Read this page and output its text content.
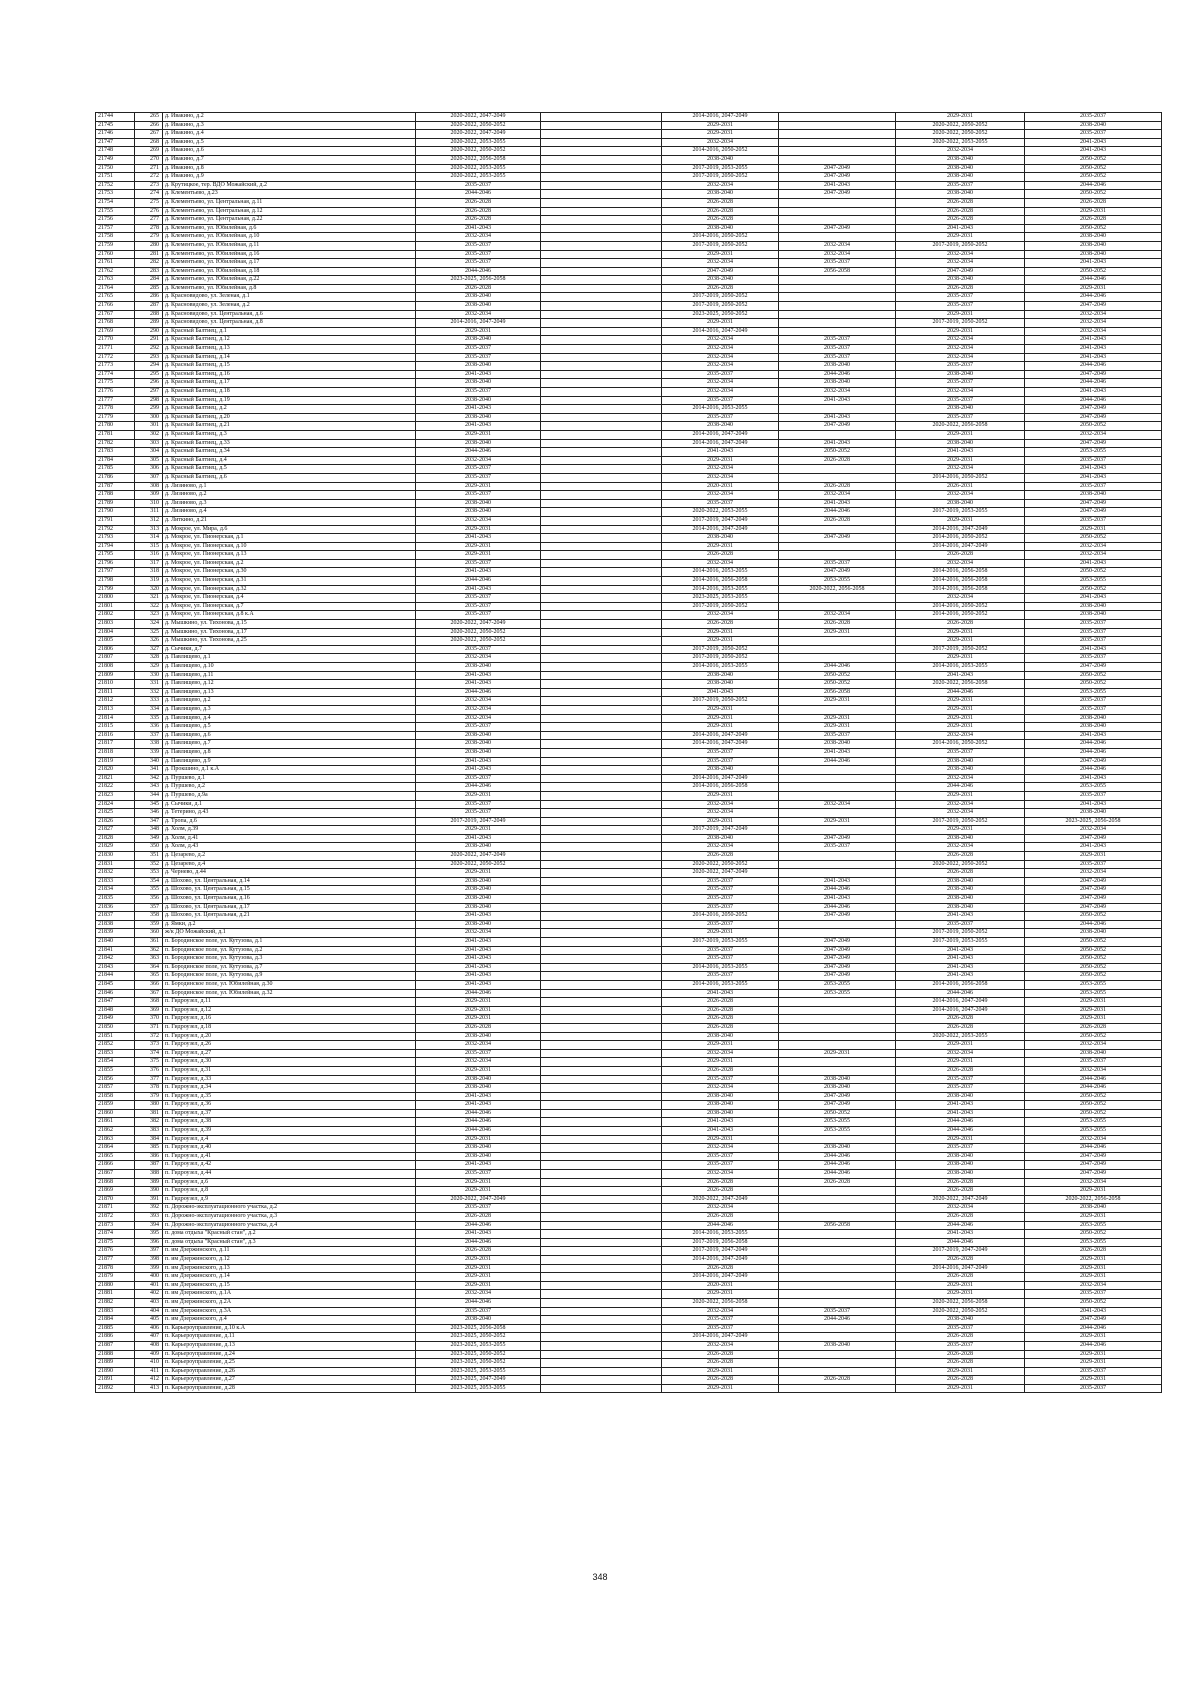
21744	265	д. Ивакино, д.2	2020-2022, 2047-2049		2014-2016, 2047-2049		2029-2031	2035-2037
21745	266	д. Ивакино, д.3	2020-2022, 2050-2052		2029-2031		2020-2022, 2050-2052	2038-2040
21746	267	д. Ивакино, д.4	2020-2022, 2047-2049		2029-2031		2020-2022, 2050-2052	2035-2037
21747	268	д. Ивакино, д.5	2020-2022, 2053-2055		2032-2034		2020-2022, 2053-2055	2041-2043
21748	269	д. Ивакино, д.6	2020-2022, 2050-2052		2014-2016, 2050-2052		2032-2034	2041-2043
21749	270	д. Ивакино, д.7	2020-2022, 2056-2058		2038-2040		2038-2040	2050-2052
21750	271	д. Ивакино, д.8	2020-2022, 2053-2055		2017-2019, 2053-2055	2047-2049	2038-2040	2050-2052
21751	272	д. Ивакино, д.9	2020-2022, 2053-2055		2017-2019, 2050-2052	2047-2049	2038-2040	2050-2052
21752	273	д. Крутицкое, тер. ВДО Можайский, д.2	2035-2037		2032-2034	2041-2043	2035-2037	2044-2046
21753	274	д. Клементьево, д.23	2044-2046		2038-2040	2047-2049	2038-2040	2050-2052
21754	275	д. Клементьево, ул. Центральная, д.11	2026-2028		2026-2028		2026-2028	2026-2028
21755	276	д. Клементьево, ул. Центральная, д.12	2026-2028		2026-2028		2026-2028	2029-2031
21756	277	д. Клементьево, ул. Центральная, д.22	2026-2028		2026-2028		2026-2028	2026-2028
21757	278	д. Клементьево, ул. Юбилейная, д.6	2041-2043		2038-2040	2047-2049	2041-2043	2050-2052
21758	279	д. Клементьево, ул. Юбилейная, д.10	2032-2034		2014-2016, 2050-2052		2029-2031	2038-2040
21759	280	д. Клементьево, ул. Юбилейная, д.11	2035-2037		2017-2019, 2050-2052	2032-2034	2017-2019, 2050-2052	2038-2040
21760	281	д. Клементьево, ул. Юбилейная, д.16	2035-2037		2029-2031	2032-2034	2032-2034	2038-2040
21761	282	д. Клементьево, ул. Юбилейная, д.17	2035-2037		2032-2034	2035-2037	2032-2034	2041-2043
21762	283	д. Клементьево, ул. Юбилейная, д.18	2044-2046		2047-2049	2056-2058	2047-2049	2050-2052
21763	284	д. Клементьево, ул. Юбилейная, д.22	2023-2025, 2056-2058		2038-2040		2038-2040	2044-2046
21764	285	д. Клементьево, ул. Юбилейная, д.8	2026-2028		2026-2028		2026-2028	2029-2031
21765	286	д. Красновидово, ул. Зеленая, д.1	2038-2040		2017-2019, 2050-2052		2035-2037	2044-2046
21766	287	д. Красновидово, ул. Зеленая, д.2	2038-2040		2017-2019, 2050-2052		2035-2037	2047-2049
21767	288	д. Красновидово, ул. Центральная, д.6	2032-2034		2023-2025, 2050-2052		2029-2031	2032-2034
21768	289	д. Красновидово, ул. Центральная, д.8	2014-2016, 2047-2049		2029-2031		2017-2019, 2050-2052	2032-2034
21769	290	д. Красный Балтиец, д.1	2029-2031		2014-2016, 2047-2049		2029-2031	2032-2034
21770	291	д. Красный Балтиец, д.12	2038-2040		2032-2034	2035-2037	2032-2034	2041-2043
21771	292	д. Красный Балтиец, д.13	2035-2037		2032-2034	2035-2037	2032-2034	2041-2043
21772	293	д. Красный Балтиец, д.14	2035-2037		2032-2034	2035-2037	2032-2034	2041-2043
21773	294	д. Красный Балтиец, д.15	2038-2040		2032-2034	2038-2040	2035-2037	2044-2046
21774	295	д. Красный Балтиец, д.16	2041-2043		2035-2037	2044-2046	2038-2040	2047-2049
21775	296	д. Красный Балтиец, д.17	2038-2040		2032-2034	2038-2040	2035-2037	2044-2046
21776	297	д. Красный Балтиец, д.18	2035-2037		2032-2034	2032-2034	2032-2034	2041-2043
21777	298	д. Красный Балтиец, д.19	2038-2040		2035-2037	2041-2043	2035-2037	2044-2046
21778	299	д. Красный Балтиец, д.2	2041-2043		2014-2016, 2053-2055		2038-2040	2047-2049
21779	300	д. Красный Балтиец, д.20	2038-2040		2035-2037	2041-2043	2035-2037	2047-2049
21780	301	д. Красный Балтиец, д.21	2041-2043		2038-2040	2047-2049	2020-2022, 2056-2058	2050-2052
21781	302	д. Красный Балтиец, д.3	2029-2031		2014-2016, 2047-2049		2029-2031	2032-2034
21782	303	д. Красный Балтиец, д.33	2038-2040		2014-2016, 2047-2049	2041-2043	2038-2040	2047-2049
21783	304	д. Красный Балтиец, д.34	2044-2046		2041-2043	2050-2052	2041-2043	2053-2055
21784	305	д. Красный Балтиец, д.4	2032-2034		2029-2031	2026-2028	2029-2031	2035-2037
21785	306	д. Красный Балтиец, д.5	2035-2037		2032-2034		2032-2034	2041-2043
21786	307	д. Красный Балтиец, д.6	2035-2037		2032-2034		2014-2016, 2050-2052	2041-2043
21787	308	д. Лизиново, д.1	2029-2031		2020-2031	2026-2028	2026-2031	2035-2037
21788	309	д. Лизиново, д.2	2035-2037		2032-2034	2032-2034	2032-2034	2038-2040
21789	310	д. Лизиново, д.3	2038-2040		2035-2037	2041-2043	2038-2040	2047-2049
21790	311	д. Лизиново, д.4	2038-2040		2020-2022, 2053-2055	2044-2046	2017-2019, 2053-2055	2047-2049
21791	312	д. Литкино, д.21	2032-2034		2017-2019, 2047-2049	2026-2028	2029-2031	2035-2037
21792	313	д. Мокрое, ул. Мира, д.6	2029-2031		2014-2016, 2047-2049		2014-2016, 2047-2049	2029-2031
21793	314	д. Мокрое, ул. Пионерская, д.1	2041-2043		2038-2040	2047-2049	2014-2016, 2050-2052	2050-2052
21794	315	д. Мокрое, ул. Пионерская, д.10	2029-2031		2029-2031		2014-2016, 2047-2049	2032-2034
21795	316	д. Мокрое, ул. Пионерская, д.13	2029-2031		2026-2028		2026-2028	2032-2034
21796	317	д. Мокрое, ул. Пионерская, д.2	2035-2037		2032-2034	2035-2037	2032-2034	2041-2043
21797	318	д. Мокрое, ул. Пионерская, д.30	2041-2043		2014-2016, 2053-2055	2047-2049	2014-2016, 2056-2058	2050-2052
21798	319	д. Мокрое, ул. Пионерская, д.31	2044-2046		2014-2016, 2056-2058	2053-2055	2014-2016, 2056-2058	2053-2055
21799	320	д. Мокрое, ул. Пионерская, д.32	2041-2043		2014-2016, 2053-2055	2020-2022, 2056-2058	2014-2016, 2056-2058	2050-2052
21800	321	д. Мокрое, ул. Пионерская, д.4	2035-2037		2023-2025, 2053-2055		2032-2034	2041-2043
21801	322	д. Мокрое, ул. Пионерская, д.7	2035-2037		2017-2019, 2050-2052		2014-2016, 2050-2052	2038-2040
21802	323	д. Мокрое, ул. Пионерская, д.8 к.А	2035-2037		2032-2034	2032-2034	2014-2016, 2050-2052	2038-2040
21803	324	д. Мышкино, ул. Тихонова, д.15	2020-2022, 2047-2049		2026-2028	2026-2028	2026-2028	2035-2037
21804	325	д. Мышкино, ул. Тихонова, д.17	2020-2022, 2050-2052		2029-2031	2029-2031	2029-2031	2035-2037
21805	326	д. Мышкино, ул. Тихонова, д.25	2020-2022, 2050-2052		2029-2031		2029-2031	2035-2037
21806	327	д. Сычики, д.7	2035-2037		2017-2019, 2050-2052		2017-2019, 2050-2052	2041-2043
21807	328	д. Павлищево, д.1	2032-2034		2017-2019, 2050-2052		2029-2031	2035-2037
21808	329	д. Павлищево, д.10	2038-2040		2014-2016, 2053-2055	2044-2046	2014-2016, 2053-2055	2047-2049
21809	330	д. Павлищево, д.11	2041-2043		2038-2040	2050-2052	2041-2043	2050-2052
21810	331	д. Павлищево, д.12	2041-2043		2038-2040	2050-2052	2020-2022, 2056-2058	2050-2052
21811	332	д. Павлищево, д.13	2044-2046		2041-2043	2056-2058	2044-2046	2053-2055
21812	333	д. Павлищево, д.2	2032-2034		2017-2019, 2050-2052	2029-2031	2029-2031	2035-2037
21813	334	д. Павлищево, д.3	2032-2034		2029-2031		2029-2031	2035-2037
21814	335	д. Павлищево, д.4	2032-2034		2029-2031	2029-2031	2029-2031	2038-2040
21815	336	д. Павлищево, д.5	2035-2037		2029-2031	2029-2031	2029-2031	2038-2040
21816	337	д. Павлищево, д.6	2038-2040		2014-2016, 2047-2049	2035-2037	2032-2034	2041-2043
21817	338	д. Павлищево, д.7	2038-2040		2014-2016, 2047-2049	2038-2040	2014-2016, 2050-2052	2044-2046
21818	339	д. Павлищево, д.8	2038-2040		2035-2037	2041-2043	2035-2037	2044-2046
21819	340	д. Павлищево, д.9	2041-2043		2035-2037	2044-2046	2038-2040	2047-2049
21820	341	д. Прокшино, д.1 к.А	2041-2043		2038-2040		2038-2040	2044-2046
21821	342	д. Пуршево, д.1	2035-2037		2014-2016, 2047-2049		2032-2034	2041-2043
21822	343	д. Пуршево, д.2	2044-2046		2014-2016, 2056-2058		2044-2046	2053-2055
21823	344	д. Пуршево, д.9а	2029-2031		2029-2031		2029-2031	2035-2037
21824	345	д. Сычики, д.1	2035-2037		2032-2034	2032-2034	2032-2034	2041-2043
21825	346	д. Тетерино, д.43	2035-2037		2032-2034		2032-2034	2038-2040
21826	347	д. Тропа, д.6	2017-2019, 2047-2049		2029-2031	2029-2031	2017-2019, 2050-2052	2023-2025, 2056-2058
21827	348	д. Холм, д.39	2029-2031		2017-2019, 2047-2049		2029-2031	2032-2034
21828	349	д. Холм, д.41	2041-2043		2038-2040	2047-2049	2038-2040	2047-2049
21829	350	д. Холм, д.43	2038-2040		2032-2034	2035-2037	2032-2034	2041-2043
21830	351	д. Цезарево, д.2	2020-2022, 2047-2049		2026-2028		2026-2028	2029-2031
21831	352	д. Цезарево, д.4	2020-2022, 2050-2052		2020-2022, 2050-2052		2020-2022, 2050-2052	2035-2037
21832	353	д. Чернево, д.44	2029-2031		2020-2022, 2047-2049		2026-2028	2032-2034
21833	354	д. Шохово, ул. Центральная, д.14	2038-2040		2035-2037	2041-2043	2038-2040	2047-2049
21834	355	д. Шохово, ул. Центральная, д.15	2038-2040		2035-2037	2044-2046	2038-2040	2047-2049
21835	356	д. Шохово, ул. Центральная, д.16	2038-2040		2035-2037	2041-2043	2038-2040	2047-2049
21836	357	д. Шохово, ул. Центральная, д.17	2038-2040		2035-2037	2044-2046	2038-2040	2047-2049
21837	358	д. Шохово, ул. Центральная, д.21	2041-2043		2014-2016, 2050-2052	2047-2049	2041-2043	2050-2052
21838	359	д. Ямки, д.2	2038-2040		2035-2037		2035-2037	2044-2046
21839	360	ж/к ДО Можайский, д.1	2032-2034		2029-2031		2017-2019, 2050-2052	2038-2040
21840	361	п. Бородинское поле, ул. Кутузова, д.1	2041-2043		2017-2019, 2053-2055	2047-2049	2017-2019, 2053-2055	2050-2052
21841	362	п. Бородинское поле, ул. Кутузова, д.2	2041-2043		2035-2037	2047-2049	2041-2043	2050-2052
21842	363	п. Бородинское поле, ул. Кутузова, д.3	2041-2043		2035-2037	2047-2049	2041-2043	2050-2052
21843	364	п. Бородинское поле, ул. Кутузова, д.7	2041-2043		2014-2016, 2053-2055	2047-2049	2041-2043	2050-2052
21844	365	п. Бородинское поле, ул. Кутузова, д.9	2041-2043		2035-2037	2047-2049	2041-2043	2050-2052
21845	366	п. Бородинское поле, ул. Юбилейная, д.30	2041-2043		2014-2016, 2053-2055	2053-2055	2014-2016, 2056-2058	2053-2055
21846	367	п. Бородинское поле, ул. Юбилейная, д.32	2044-2046		2041-2043	2053-2055	2044-2046	2053-2055
21847	368	п. Гидроузел, д.11	2029-2031		2026-2028		2014-2016, 2047-2049	2029-2031
21848	369	п. Гидроузел, д.12	2029-2031		2026-2028		2014-2016, 2047-2049	2029-2031
21849	370	п. Гидроузел, д.16	2029-2031		2026-2028		2026-2028	2029-2031
21850	371	п. Гидроузел, д.18	2026-2028		2026-2028		2026-2028	2026-2028
21851	372	п. Гидроузел, д.20	2038-2040		2038-2040		2020-2022, 2053-2055	2050-2052
21852	373	п. Гидроузел, д.26	2032-2034		2029-2031		2029-2031	2032-2034
21853	374	п. Гидроузел, д.27	2035-2037		2032-2034	2029-2031	2032-2034	2038-2040
21854	375	п. Гидроузел, д.30	2032-2034		2029-2031		2029-2031	2035-2037
21855	376	п. Гидроузел, д.31	2029-2031		2026-2028		2026-2028	2032-2034
21856	377	п. Гидроузел, д.33	2038-2040		2035-2037	2038-2040	2035-2037	2044-2046
21857	378	п. Гидроузел, д.34	2038-2040		2032-2034	2038-2040	2035-2037	2044-2046
21858	379	п. Гидроузел, д.35	2041-2043		2038-2040	2047-2049	2038-2040	2050-2052
21859	380	п. Гидроузел, д.36	2041-2043		2038-2040	2047-2049	2041-2043	2050-2052
21860	381	п. Гидроузел, д.37	2044-2046		2038-2040	2050-2052	2041-2043	2050-2052
21861	382	п. Гидроузел, д.38	2044-2046		2041-2043	2053-2055	2044-2046	2053-2055
21862	383	п. Гидроузел, д.39	2044-2046		2041-2043	2053-2055	2044-2046	2053-2055
21863	384	п. Гидроузел, д.4	2029-2031		2029-2031		2029-2031	2032-2034
21864	385	п. Гидроузел, д.40	2038-2040		2032-2034	2038-2040	2035-2037	2044-2046
21865	386	п. Гидроузел, д.41	2038-2040		2035-2037	2044-2046	2038-2040	2047-2049
21866	387	п. Гидроузел, д.42	2041-2043		2035-2037	2044-2046	2038-2040	2047-2049
21867	388	п. Гидроузел, д.44	2035-2037		2032-2034	2044-2046	2038-2040	2047-2049
21868	389	п. Гидроузел, д.6	2029-2031		2026-2028	2026-2028	2026-2028	2032-2034
21869	390	п. Гидроузел, д.8	2029-2031		2026-2028		2026-2028	2029-2031
21870	391	п. Гидроузел, д.9	2020-2022, 2047-2049		2020-2022, 2047-2049		2020-2022, 2047-2049	2020-2022, 2056-2058
21871	392	п. Дорожно-эксплуатационного участка, д.2	2035-2037		2032-2034		2032-2034	2038-2040
21872	393	п. Дорожно-эксплуатационного участка, д.3	2026-2028		2026-2028		2026-2028	2029-2031
21873	394	п. Дорожно-эксплуатационного участка, д.4	2044-2046		2044-2046	2056-2058	2044-2046	2053-2055
21874	395	п. дома отдыха "Красный стан", д.2	2041-2043		2014-2016, 2053-2055		2041-2043	2050-2052
21875	396	п. дома отдыха "Красный стан", д.3	2044-2046		2017-2019, 2056-2058		2044-2046	2053-2055
21876	397	п. им Дзержинского, д.11	2026-2028		2017-2019, 2047-2049		2017-2019, 2047-2049	2026-2028
21877	398	п. им Дзержинского, д.12	2029-2031		2014-2016, 2047-2049		2026-2028	2029-2031
21878	399	п. им Дзержинского, д.13	2029-2031		2026-2028		2014-2016, 2047-2049	2029-2031
21879	400	п. им Дзержинского, д.14	2029-2031		2014-2016, 2047-2049		2026-2028	2029-2031
21880	401	п. им Дзержинского, д.15	2029-2031		2020-2031		2029-2031	2032-2034
21881	402	п. им Дзержинского, д.1А	2032-2034		2029-2031		2029-2031	2035-2037
21882	403	п. им Дзержинского, д.2А	2044-2046		2020-2022, 2056-2058		2020-2022, 2056-2058	2050-2052
21883	404	п. им Дзержинского, д.3А	2035-2037		2032-2034	2035-2037	2020-2022, 2050-2052	2041-2043
21884	405	п. им Дзержинского, д.4	2038-2040		2035-2037	2044-2046	2038-2040	2047-2049
21885	406	п. Карьероуправление, д.10 к.А	2023-2025, 2056-2058		2035-2037		2035-2037	2044-2046
21886	407	п. Карьероуправление, д.11	2023-2025, 2050-2052		2014-2016, 2047-2049		2026-2028	2029-2031
21887	408	п. Карьероуправление, д.13	2023-2025, 2053-2055		2032-2034	2038-2040	2035-2037	2044-2046
21888	409	п. Карьероуправление, д.24	2023-2025, 2050-2052		2026-2028		2026-2028	2029-2031
21889	410	п. Карьероуправление, д.25	2023-2025, 2050-2052		2026-2028		2026-2028	2029-2031
21890	411	п. Карьероуправление, д.26	2023-2025, 2053-2055		2029-2031		2029-2031	2035-2037
21891	412	п. Карьероуправление, д.27	2023-2025, 2047-2049		2026-2028	2026-2028	2026-2028	2029-2031
21892	413	п. Карьероуправление, д.28	2023-2025, 2053-2055		2029-2031		2029-2031	2035-2037
348
